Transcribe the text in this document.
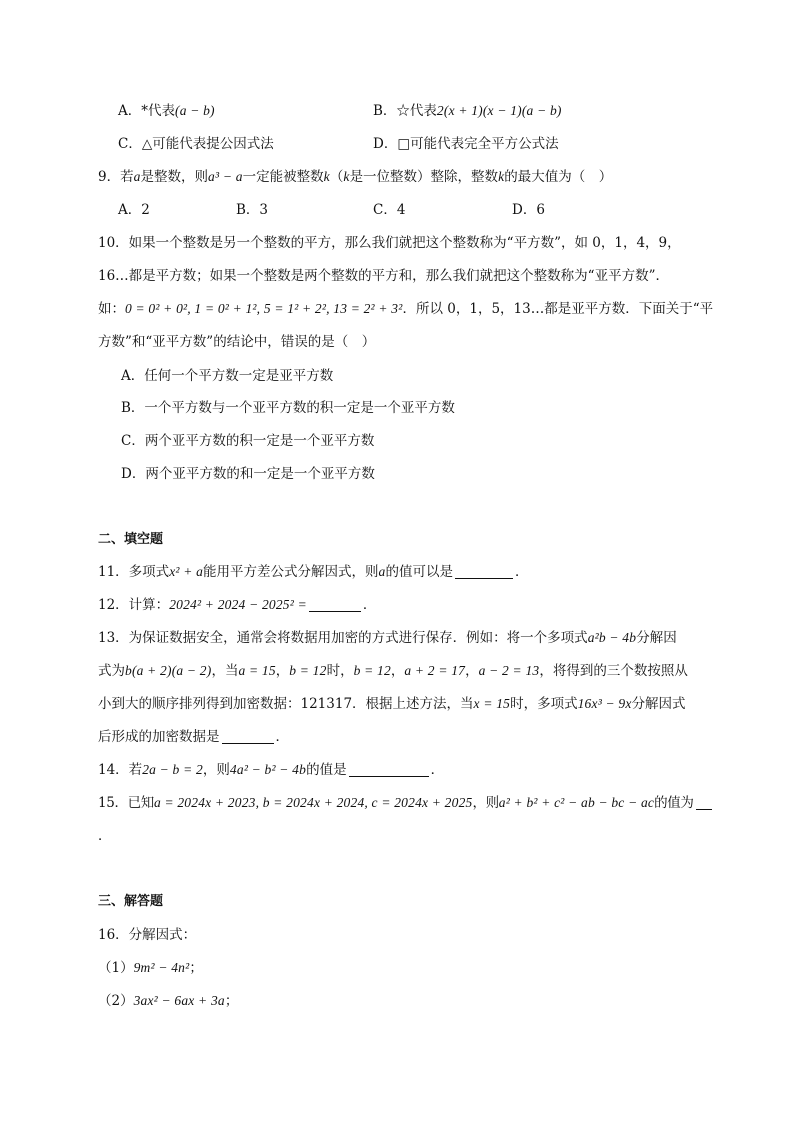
A．*代表(a − b)	B．☆代表2(x + 1)(x − 1)(a − b)
C．△可能代表提公因式法	D．□可能代表完全平方公式法
9．若a是整数，则a³ − a一定能被整数k（k是一位整数）整除，整数k的最大值为（　）
A．2	B．3	C．4	D．6
10．如果一个整数是另一个整数的平方，那么我们就把这个整数称为“平方数”，如 0，1，4，9，
16…都是平方数；如果一个整数是两个整数的平方和，那么我们就把这个整数称为“亚平方数”．
如：0 = 0² + 0², 1 = 0² + 1², 5 = 1² + 2², 13 = 2² + 3²．所以 0，1，5，13…都是亚平方数．下面关于“平
方数”和“亚平方数”的结论中，错误的是（　）
A．任何一个平方数一定是亚平方数
B．一个平方数与一个亚平方数的积一定是一个亚平方数
C．两个亚平方数的积一定是一个亚平方数
D．两个亚平方数的和一定是一个亚平方数
二、填空题
11．多项式x² + a能用平方差公式分解因式，则a的值可以是	．
12．计算：2024² + 2024 − 2025² =	．
13．为保证数据安全，通常会将数据用加密的方式进行保存．例如：将一个多项式a²b − 4b分解因
式为b(a + 2)(a − 2)，当a = 15，b = 12时，b = 12，a + 2 = 17，a − 2 = 13，将得到的三个数按照从
小到大的顺序排列得到加密数据：121317．根据上述方法，当x = 15时，多项式16x³ − 9x分解因式
后形成的加密数据是	．
14．若2a − b = 2，则4a² − b² − 4b的值是	．
15．已知a = 2024x + 2023, b = 2024x + 2024, c = 2024x + 2025，则a² + b² + c² − ab − bc − ac的值为
．
三、解答题
16．分解因式：
（1）9m² − 4n²；
（2）3ax² − 6ax + 3a；
